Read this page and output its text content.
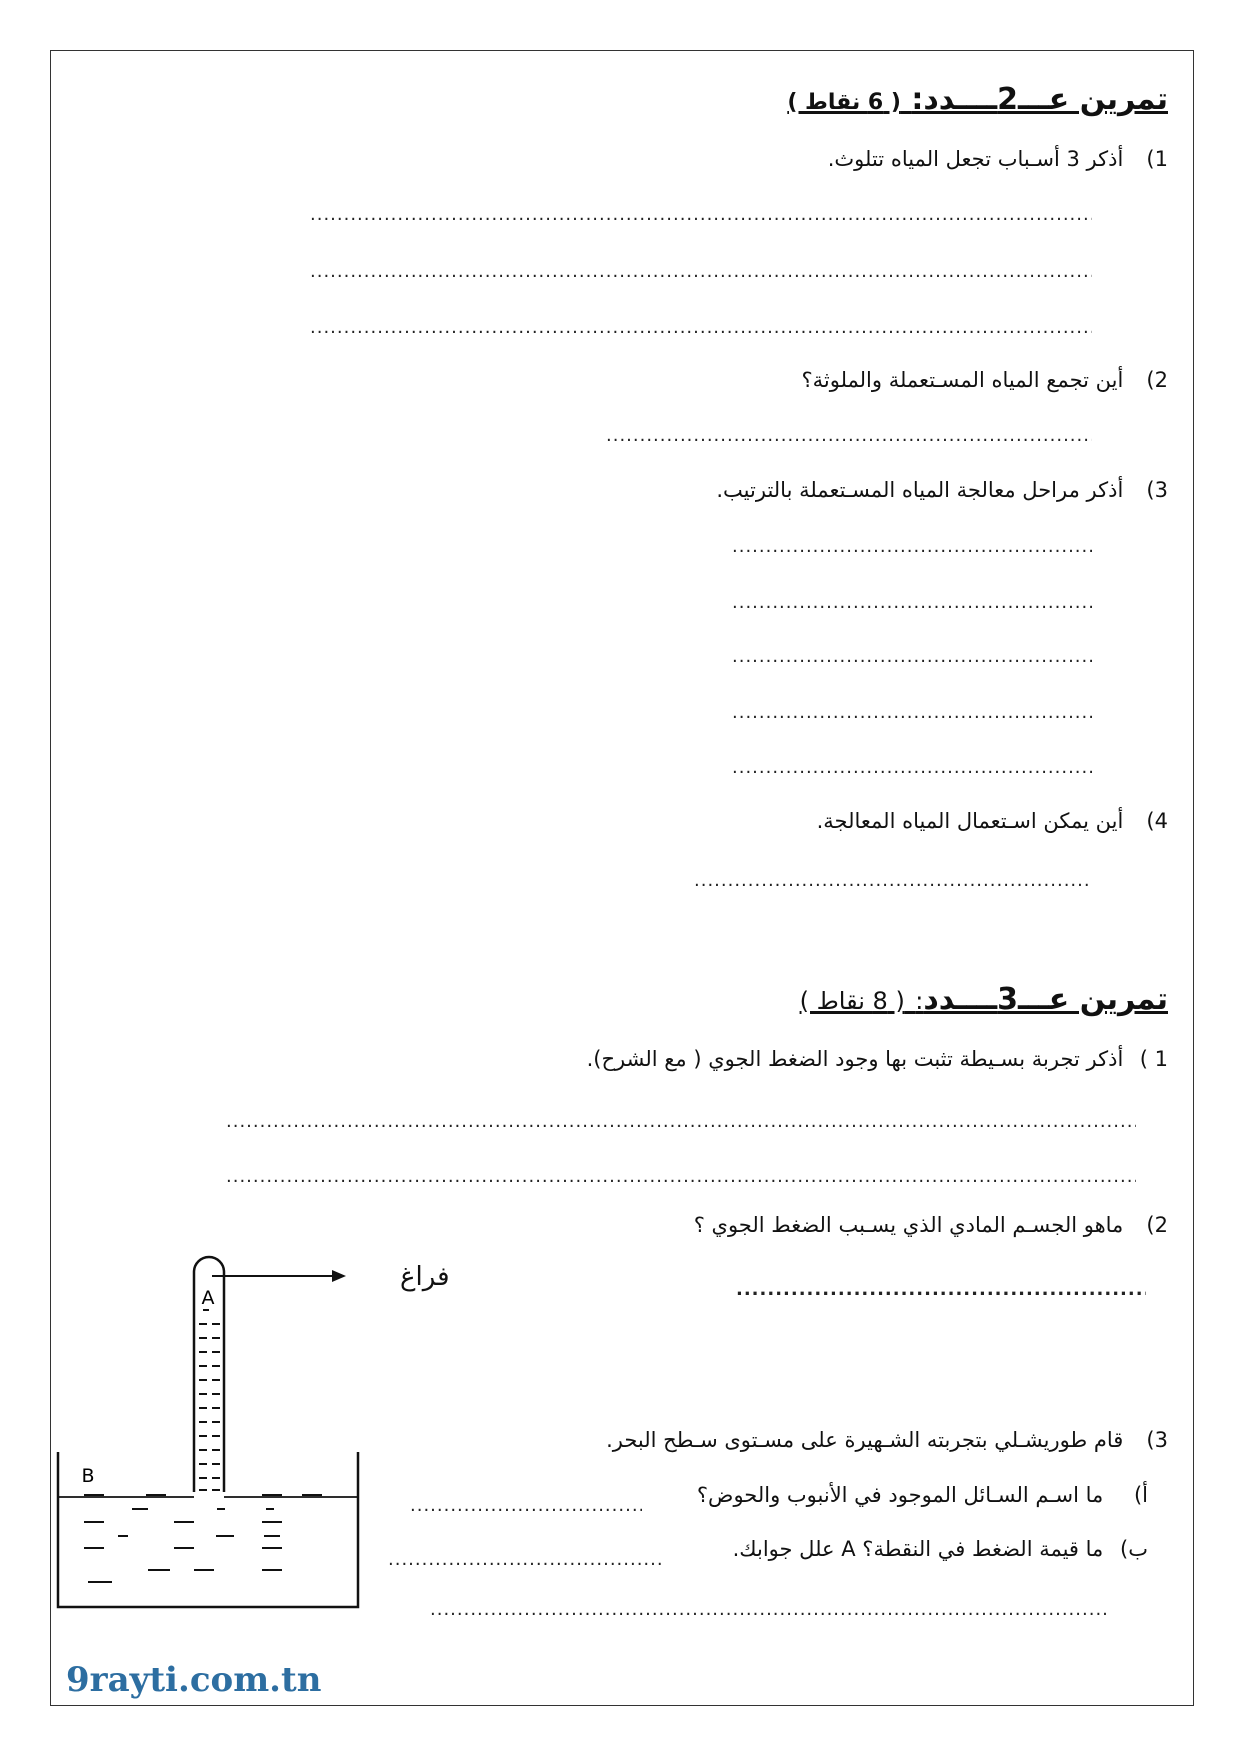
تمرين عـــ2ــــدد: ( 6 نقاط )
1) أذكر 3 أسـباب تجعل المياه تتلوث.
.....
.....
.....
2) أين تجمع المياه المسـتعملة والملوثة؟
.....
3) أذكر مراحل معالجة المياه المسـتعملة بالترتيب.
.....
.....
.....
.....
.....
4) أين يمكن اسـتعمال المياه المعالجة.
.....
تمرين عـــ3ــــدد: ( 8 نقاط )
1 ) أذكر تجربة بسـيطة تثبت بها وجود الضغط الجوي ( مع الشرح).
.....
.....
2) ماهو الجسـم المادي الذي يسـبب الضغط الجوي ؟
.....
3) قام طوريشـلي بتجربته الشـهيرة على مسـتوى سـطح البحر.
أ) ما اسـم السـائل الموجود في الأنبوب والحوض؟
.....
ب) ما قيمة الضغط في النقطة؟ A علل جوابك.
.....
.....
A
B
فراغ
9rayti.com.tn
